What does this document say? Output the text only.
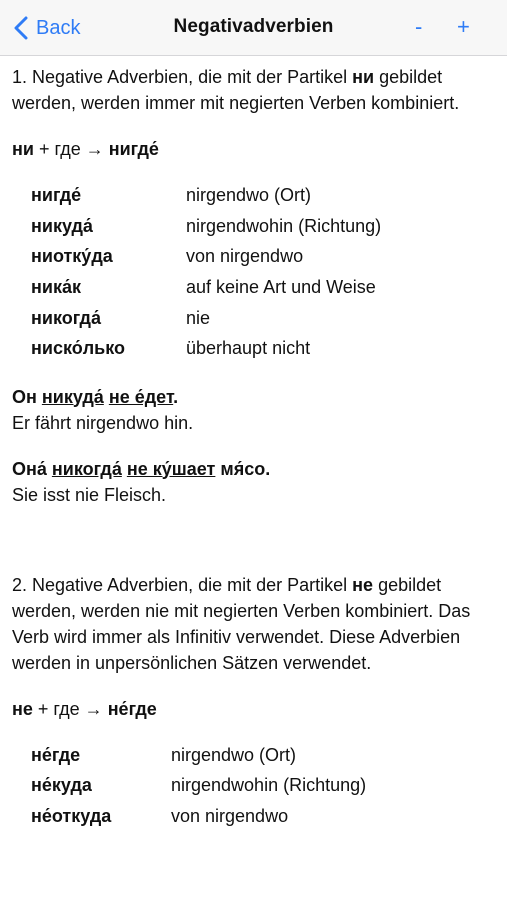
Back	Negativadverbien	- +

1. Negative Adverbien, die mit der Partikel ни gebildet werden, werden immer mit negierten Verben kombiniert.

ни + где → нигде́

нигде́	nirgendwo (Ort)
никуда́	nirgendwohin (Richtung)
ниотку́да	von nirgendwo
ника́к	auf keine Art und Weise
никогда́	nie
ниско́лько	überhaupt nicht

Он никуда́ не е́дет.

Er fährt nirgendwo hin.

Она́ никогда́ не ку́шает мя́со.

Sie isst nie Fleisch.

2. Negative Adverbien, die mit der Partikel не gebildet werden, werden nie mit negierten Verben kombiniert. Das Verb wird immer als Infinitiv verwendet. Diese Adverbien werden in unpersönlichen Sätzen verwendet.

не + где → не́где

не́где	nirgendwo (Ort)
не́куда	nirgendwohin (Richtung)
не́откуда	von nirgendwo
